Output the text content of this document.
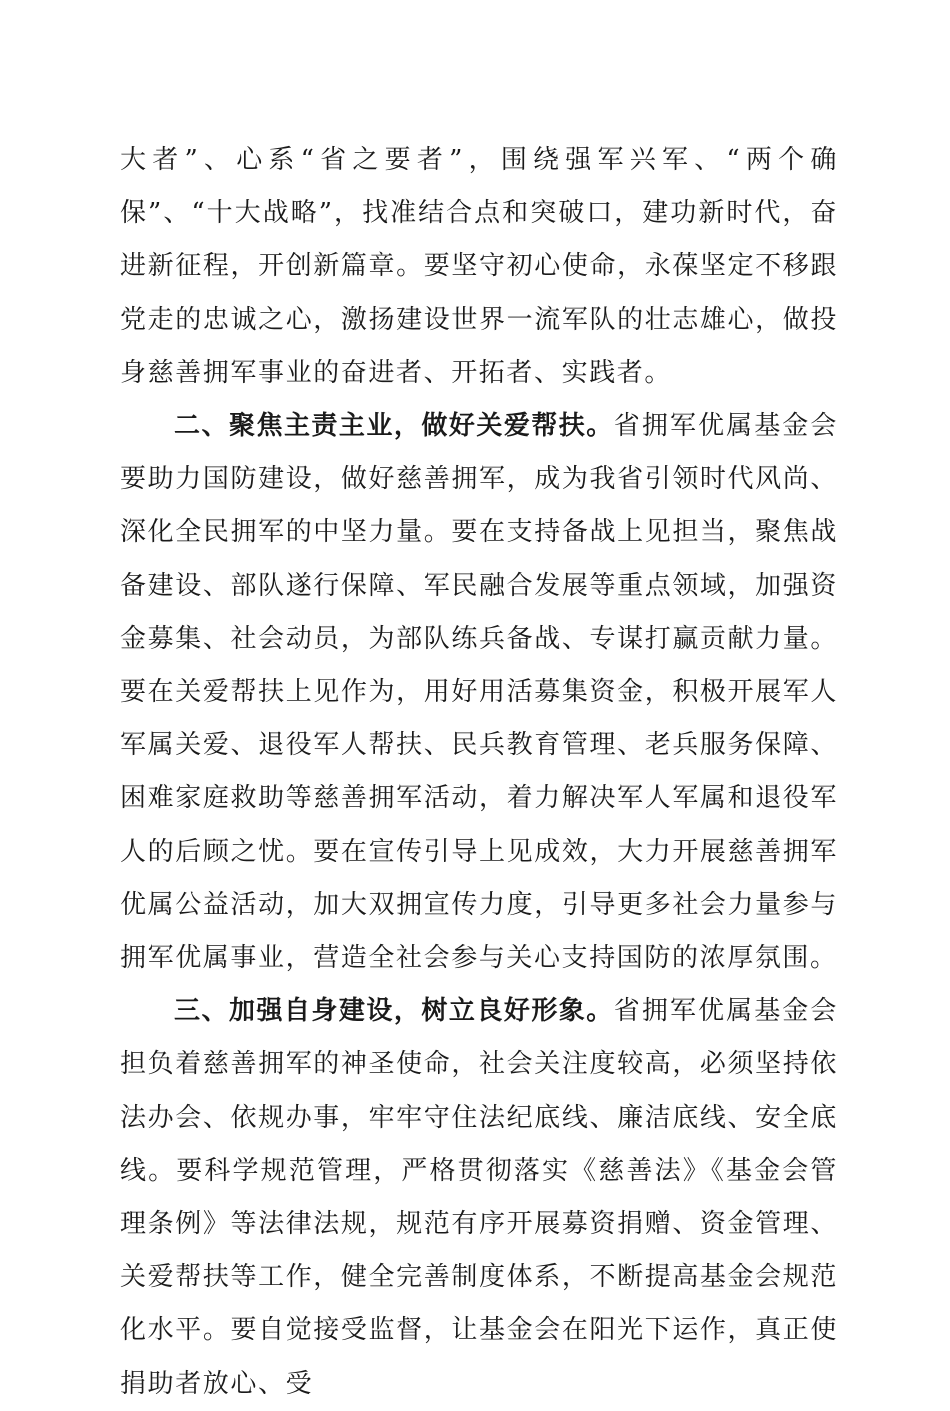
大者”、心系“省之要者”，围绕强军兴军、“两个确保”、“十大战略”，找准结合点和突破口，建功新时代，奋进新征程，开创新篇章。要坚守初心使命，永葆坚定不移跟党走的忠诚之心，激扬建设世界一流军队的壮志雄心，做投身慈善拥军事业的奋进者、开拓者、实践者。

二、聚焦主责主业，做好关爱帮扶。省拥军优属基金会要助力国防建设，做好慈善拥军，成为我省引领时代风尚、深化全民拥军的中坚力量。要在支持备战上见担当，聚焦战备建设、部队遂行保障、军民融合发展等重点领域，加强资金募集、社会动员，为部队练兵备战、专谋打赢贡献力量。要在关爱帮扶上见作为，用好用活募集资金，积极开展军人军属关爱、退役军人帮扶、民兵教育管理、老兵服务保障、困难家庭救助等慈善拥军活动，着力解决军人军属和退役军人的后顾之忧。要在宣传引导上见成效，大力开展慈善拥军优属公益活动，加大双拥宣传力度，引导更多社会力量参与拥军优属事业，营造全社会参与关心支持国防的浓厚氛围。

三、加强自身建设，树立良好形象。省拥军优属基金会担负着慈善拥军的神圣使命，社会关注度较高，必须坚持依法办会、依规办事，牢牢守住法纪底线、廉洁底线、安全底线。要科学规范管理，严格贯彻落实《慈善法》《基金会管理条例》等法律法规，规范有序开展募资捐赠、资金管理、关爱帮扶等工作，健全完善制度体系，不断提高基金会规范化水平。要自觉接受监督，让基金会在阳光下运作，真正使捐助者放心、受
